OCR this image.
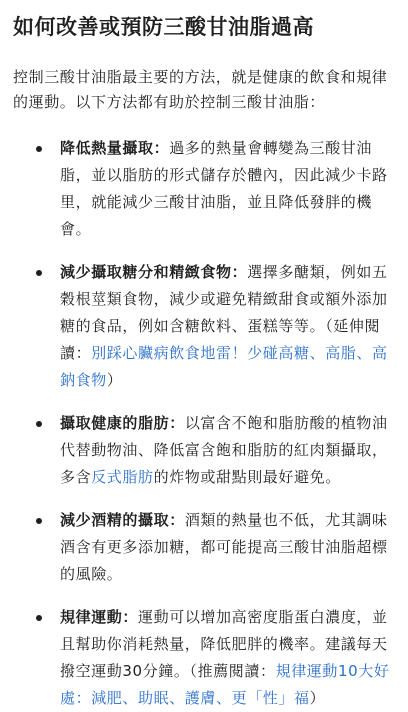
如何改善或預防三酸甘油脂過高

控制三酸甘油脂最主要的方法，就是健康的飲食和規律的運動。以下方法都有助於控制三酸甘油脂：

降低熱量攝取：過多的熱量會轉變為三酸甘油脂，並以脂肪的形式儲存於體內，因此減少卡路里，就能減少三酸甘油脂，並且降低發胖的機會。
減少攝取糖分和精緻食物：選擇多醣類，例如五穀根莖類食物，減少或避免精緻甜食或額外添加糖的食品，例如含糖飲料、蛋糕等等。（延伸閱讀：別踩心臟病飲食地雷！少碰高糖、高脂、高鈉食物）
攝取健康的脂肪：以富含不飽和脂肪酸的植物油代替動物油、降低富含飽和脂肪的紅肉類攝取，多含反式脂肪的炸物或甜點則最好避免。
減少酒精的攝取：酒類的熱量也不低，尤其調味酒含有更多添加糖，都可能提高三酸甘油脂超標的風險。
規律運動：運動可以增加高密度脂蛋白濃度，並且幫助你消耗熱量，降低肥胖的機率。建議每天撥空運動30分鐘。（推薦閱讀：規律運動10大好處：減肥、助眠、護膚、更「性」福）
